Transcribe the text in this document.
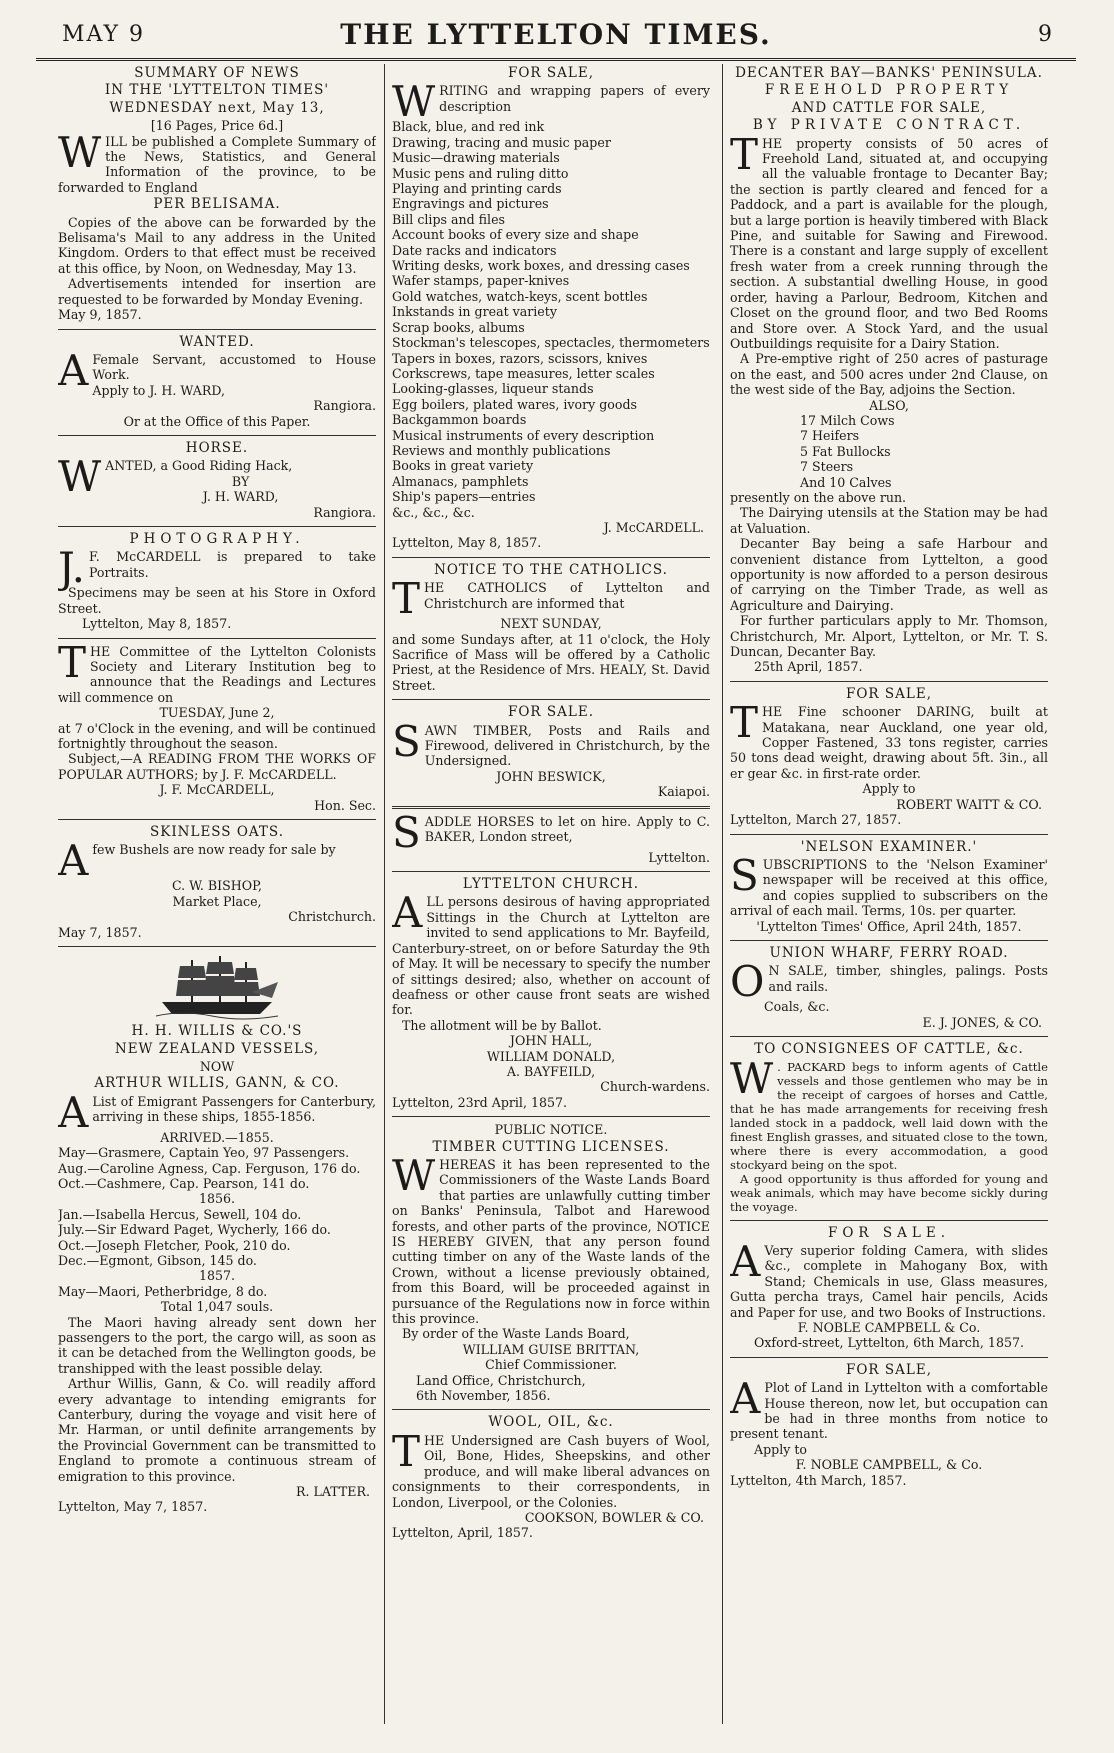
MAY 9	THE LYTTELTON TIMES.	9
SUMMARY OF NEWS
IN THE 'LYTTELTON TIMES'
WEDNESDAY next, May 13,
[16 Pages, Price 6d.]
WILL be published a Complete Summary of the News, Statistics, and General Information of the province, to be forwarded to England
PER BELISAMA.
Copies of the above can be forwarded by the Belisama's Mail to any address in the United Kingdom. Orders to that effect must be received at this office, by Noon, on Wednesday, May 13.
Advertisements intended for insertion are requested to be forwarded by Monday Evening.
May 9, 1857.
WANTED.
A Female Servant, accustomed to House Work.
Apply to J. H. WARD,
Rangiora.
Or at the Office of this Paper.
HORSE.
WANTED, a Good Riding Hack,
BY
J. H. WARD,
Rangiora.
PHOTOGRAPHY.
J. F. McCARDELL is prepared to take Portraits.
Specimens may be seen at his Store in Oxford Street.
Lyttelton, May 8, 1857.
THE Committee of the Lyttelton Colonists Society and Literary Institution beg to announce that the Readings and Lectures will commence on
TUESDAY, June 2,
at 7 o'Clock in the evening, and will be continued fortnightly throughout the season.
Subject,—A READING FROM THE WORKS OF POPULAR AUTHORS; by J. F. McCARDELL.
J. F. McCARDELL,
Hon. Sec.
SKINLESS OATS.
Afew Bushels are now ready for sale by
C. W. BISHOP,
Market Place,
Christchurch.
May 7, 1857.
H. H. WILLIS & CO.'S
NEW ZEALAND VESSELS,
NOW
ARTHUR WILLIS, GANN, & CO.
A List of Emigrant Passengers for Canterbury, arriving in these ships, 1855-1856.
ARRIVED.—1855.
May—Grasmere, Captain Yeo, 97 Passengers.
Aug.—Caroline Agness, Cap. Ferguson, 176 do.
Oct.—Cashmere, Cap. Pearson, 141 do.
1856.
Jan.—Isabella Hercus, Sewell, 104 do.
July.—Sir Edward Paget, Wycherly, 166 do.
Oct.—Joseph Fletcher, Pook, 210 do.
Dec.—Egmont, Gibson, 145 do.
1857.
May—Maori, Petherbridge, 8 do.
Total 1,047 souls.
The Maori having already sent down her passengers to the port, the cargo will, as soon as it can be detached from the Wellington goods, be transhipped with the least possible delay.
Arthur Willis, Gann, & Co. will readily afford every advantage to intending emigrants for Canterbury, during the voyage and visit here of Mr. Harman, or until definite arrangements by the Provincial Government can be transmitted to England to promote a continuous stream of emigration to this province.
R. LATTER.
Lyttelton, May 7, 1857.
FOR SALE,
WRITING and wrapping papers of every description
Black, blue, and red ink
Drawing, tracing and music paper
Music—drawing materials
Music pens and ruling ditto
Playing and printing cards
Engravings and pictures
Bill clips and files
Account books of every size and shape
Date racks and indicators
Writing desks, work boxes, and dressing cases
Wafer stamps, paper-knives
Gold watches, watch-keys, scent bottles
Inkstands in great variety
Scrap books, albums
Stockman's telescopes, spectacles, thermometers
Tapers in boxes, razors, scissors, knives
Corkscrews, tape measures, letter scales
Looking-glasses, liqueur stands
Egg boilers, plated wares, ivory goods
Backgammon boards
Musical instruments of every description
Reviews and monthly publications
Books in great variety
Almanacs, pamphlets
Ship's papers—entries
&c., &c., &c.
J. McCARDELL.
Lyttelton, May 8, 1857.
NOTICE TO THE CATHOLICS.
THE CATHOLICS of Lyttelton and Christchurch are informed that
NEXT SUNDAY,
and some Sundays after, at 11 o'clock, the Holy Sacrifice of Mass will be offered by a Catholic Priest, at the Residence of Mrs. HEALY, St. David Street.
FOR SALE.
SAWN TIMBER, Posts and Rails and Firewood, delivered in Christchurch, by the Undersigned.
JOHN BESWICK,
Kaiapoi.
SADDLE HORSES to let on hire. Apply to C. BAKER, London street,
Lyttelton.
LYTTELTON CHURCH.
ALL persons desirous of having appropriated Sittings in the Church at Lyttelton are invited to send applications to Mr. Bayfeild, Canterbury-street, on or before Saturday the 9th of May. It will be necessary to specify the number of sittings desired; also, whether on account of deafness or other cause front seats are wished for.
The allotment will be by Ballot.
JOHN HALL,
WILLIAM DONALD,
A. BAYFEILD,
Church-wardens.
Lyttelton, 23rd April, 1857.
PUBLIC NOTICE.
TIMBER CUTTING LICENSES.
WHEREAS it has been represented to the Commissioners of the Waste Lands Board that parties are unlawfully cutting timber on Banks' Peninsula, Talbot and Harewood forests, and other parts of the province, NOTICE IS HEREBY GIVEN, that any person found cutting timber on any of the Waste lands of the Crown, without a license previously obtained, from this Board, will be proceeded against in pursuance of the Regulations now in force within this province.
By order of the Waste Lands Board,
WILLIAM GUISE BRITTAN,
Chief Commissioner.
Land Office, Christchurch,
6th November, 1856.
WOOL, OIL, &c.
THE Undersigned are Cash buyers of Wool, Oil, Bone, Hides, Sheepskins, and other produce, and will make liberal advances on consignments to their correspondents, in London, Liverpool, or the Colonies.
COOKSON, BOWLER & CO.
Lyttelton, April, 1857.
DECANTER BAY—BANKS' PENINSULA.
FREEHOLD PROPERTY
AND CATTLE FOR SALE,
BY PRIVATE CONTRACT.
THE property consists of 50 acres of Freehold Land, situated at, and occupying all the valuable frontage to Decanter Bay; the section is partly cleared and fenced for a Paddock, and a part is available for the plough, but a large portion is heavily timbered with Black Pine, and suitable for Sawing and Firewood. There is a constant and large supply of excellent fresh water from a creek running through the section. A substantial dwelling House, in good order, having a Parlour, Bedroom, Kitchen and Closet on the ground floor, and two Bed Rooms and Store over. A Stock Yard, and the usual Outbuildings requisite for a Dairy Station.
A Pre-emptive right of 250 acres of pasturage on the east, and 500 acres under 2nd Clause, on the west side of the Bay, adjoins the Section.
ALSO,
17 Milch Cows
7 Heifers
5 Fat Bullocks
7 Steers
And 10 Calves
presently on the above run.
The Dairying utensils at the Station may be had at Valuation.
Decanter Bay being a safe Harbour and convenient distance from Lyttelton, a good opportunity is now afforded to a person desirous of carrying on the Timber Trade, as well as Agriculture and Dairying.
For further particulars apply to Mr. Thomson, Christchurch, Mr. Alport, Lyttelton, or Mr. T. S. Duncan, Decanter Bay.
25th April, 1857.
FOR SALE,
THE Fine schooner DARING, built at Matakana, near Auckland, one year old, Copper Fastened, 33 tons register, carries 50 tons dead weight, drawing about 5ft. 3in., all er gear &c. in first-rate order.
Apply to
ROBERT WAITT & CO.
Lyttelton, March 27, 1857.
'NELSON EXAMINER.'
SUBSCRIPTIONS to the 'Nelson Examiner' newspaper will be received at this office, and copies supplied to subscribers on the arrival of each mail. Terms, 10s. per quarter.
'Lyttelton Times' Office, April 24th, 1857.
UNION WHARF, FERRY ROAD.
O N SALE, timber, shingles, palings. Posts and rails.
Coals, &c.
E. J. JONES, & CO.
TO CONSIGNEES OF CATTLE, &c.
W . PACKARD begs to inform agents of Cattle vessels and those gentlemen who may be in the receipt of cargoes of horses and Cattle, that he has made arrangements for receiving fresh landed stock in a paddock, well laid down with the finest English grasses, and situated close to the town, where there is every accommodation, a good stockyard being on the spot.
A good opportunity is thus afforded for young and weak animals, which may have become sickly during the voyage.
FOR SALE.
A Very superior folding Camera, with slides &c., complete in Mahogany Box, with Stand; Chemicals in use, Glass measures, Gutta percha trays, Camel hair pencils, Acids and Paper for use, and two Books of Instructions.
F. NOBLE CAMPBELL & Co.
Oxford-street, Lyttelton, 6th March, 1857.
FOR SALE,
A Plot of Land in Lyttelton with a comfortable House thereon, now let, but occupation can be had in three months from notice to present tenant.
Apply to
F. NOBLE CAMPBELL, & Co.
Lyttelton, 4th March, 1857.
